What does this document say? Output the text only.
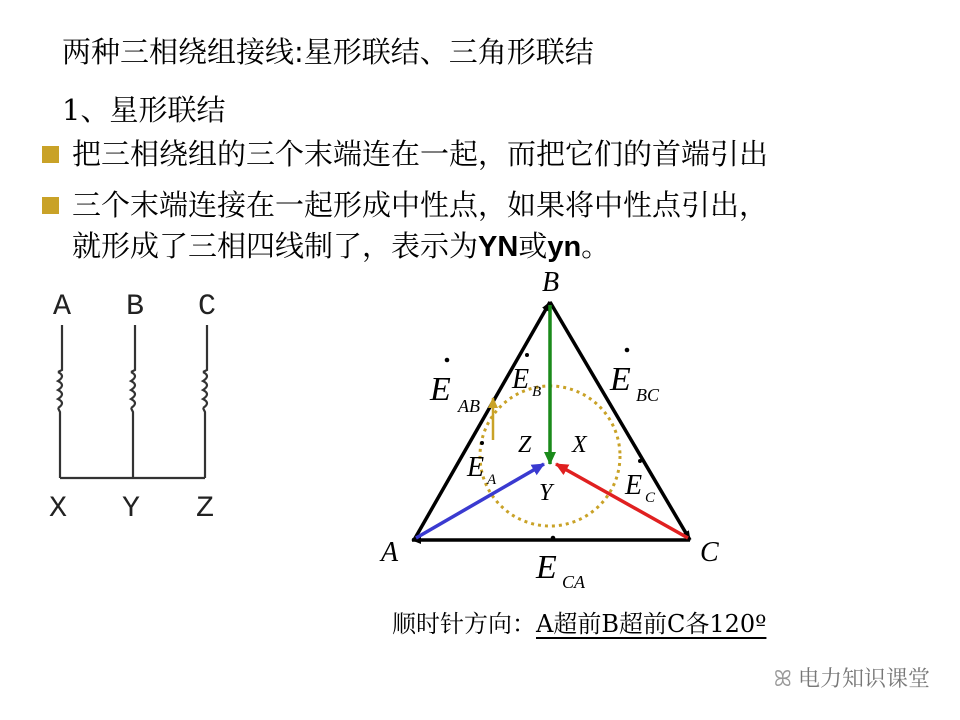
两种三相绕组接线:星形联结、三角形联结
1、星形联结
把三相绕组的三个末端连在一起，而把它们的首端引出
三个末端连接在一起形成中性点，如果将中性点引出，
就形成了三相四线制了，表示为YN或yn。
A B C
X Y Z
B
A	C
Z X
Y
E AB
E BC
E CA
E B
E A	E C
顺时针方向：A超前B超前C各120º
ꕤ 电力知识课堂
